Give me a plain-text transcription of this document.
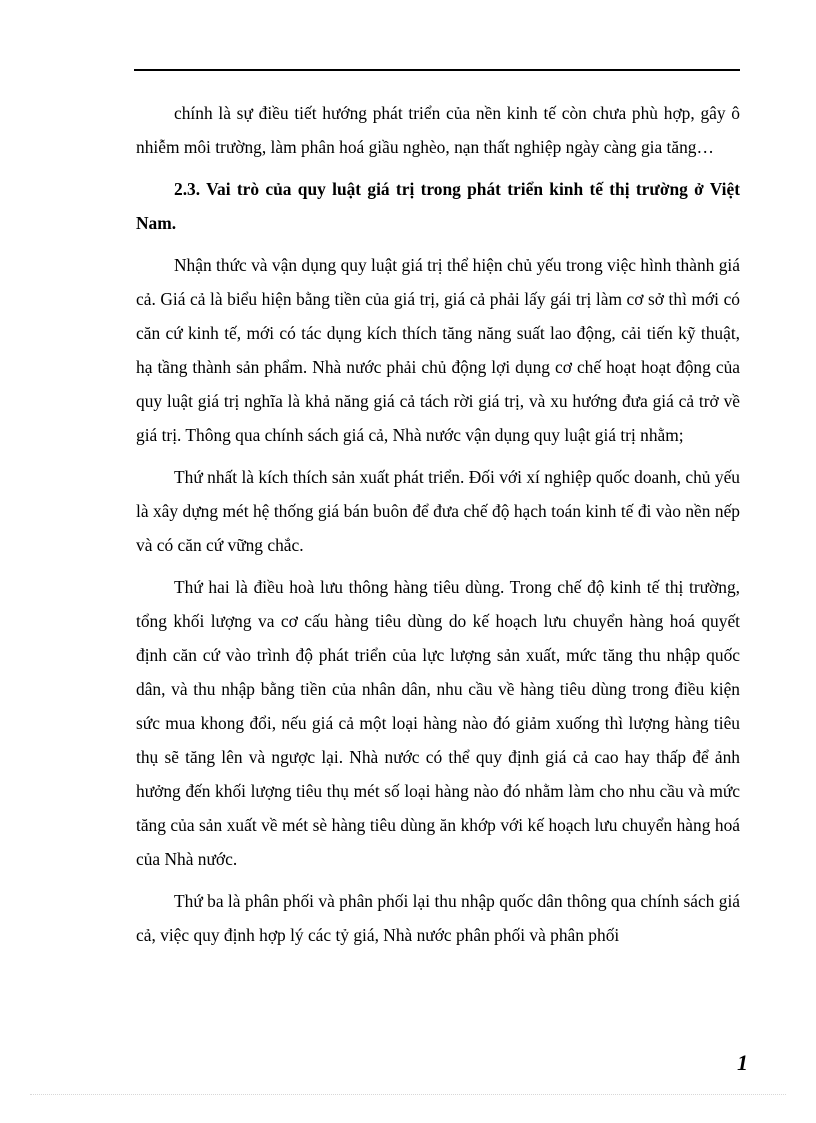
chính là sự điều tiết hướng phát triển của nền kinh tế còn chưa phù hợp, gây ô nhiễm môi trường, làm phân hoá giầu nghèo, nạn thất nghiệp ngày càng gia tăng…

2.3. Vai trò của quy luật giá trị trong phát triển kinh tế thị trường ở Việt Nam.

Nhận thức và vận dụng quy luật giá trị thể hiện chủ yếu trong việc hình thành giá cả. Giá cả là biểu hiện bằng tiền của giá trị, giá cả phải lấy gái trị làm cơ sở thì mới có căn cứ kinh tế, mới có tác dụng kích thích tăng năng suất lao động, cải tiến kỹ thuật, hạ tầng thành sản phẩm. Nhà nước phải chủ động lợi dụng cơ chế hoạt hoạt động của quy luật giá trị nghĩa là khả năng giá cả tách rời giá trị, và xu hướng đưa giá cả trở về giá trị. Thông qua chính sách giá cả, Nhà nước vận dụng quy luật giá trị nhằm;

Thứ nhất là kích thích sản xuất phát triển. Đối với xí nghiệp quốc doanh, chủ yếu là xây dựng mét hệ thống giá bán buôn để đưa chế độ hạch toán kinh tế đi vào nền nếp và có căn cứ vững chắc.

Thứ hai là điều hoà lưu thông hàng tiêu dùng. Trong chế độ kinh tế thị trường, tổng khối lượng va cơ cấu hàng tiêu dùng do kế hoạch lưu chuyển hàng hoá quyết định căn cứ vào trình độ phát triển của lực lượng sản xuất, mức tăng thu nhập quốc dân, và thu nhập bằng tiền của nhân dân, nhu cầu về hàng tiêu dùng trong điều kiện sức mua khong đổi, nếu giá cả một loại hàng nào đó giảm xuống thì lượng hàng tiêu thụ sẽ tăng lên và ngược lại. Nhà nước có thể quy định giá cả cao hay thấp để ảnh hưởng đến khối lượng tiêu thụ mét số loại hàng nào đó nhằm làm cho nhu cầu và mức tăng của sản xuất về mét sè hàng tiêu dùng ăn khớp với kế hoạch lưu chuyển hàng hoá của Nhà nước.

Thứ ba là phân phối và phân phối lại thu nhập quốc dân thông qua chính sách giá cả, việc quy định hợp lý các tỷ giá, Nhà nước phân phối và phân phối

1
